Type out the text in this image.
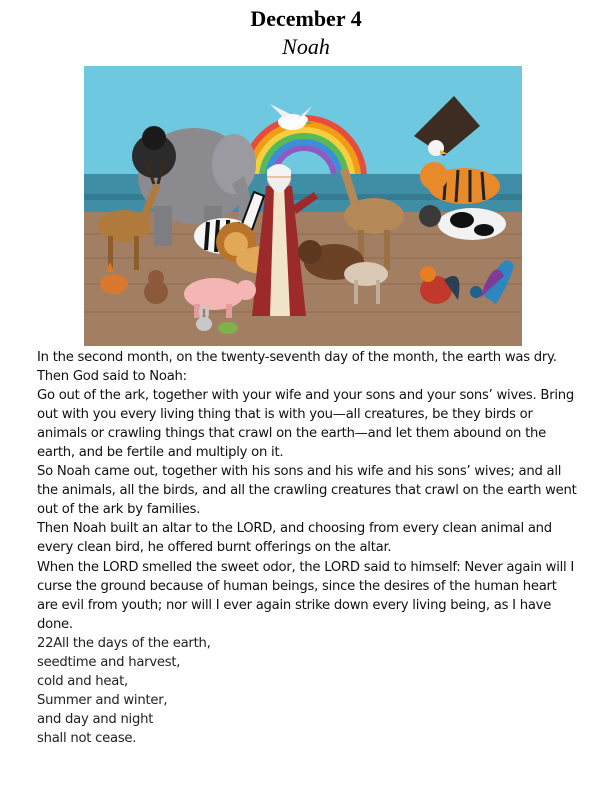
December 4
Noah

In the second month, on the twenty-seventh day of the month, the earth was dry.

Then God said to Noah:

Go out of the ark, together with your wife and your sons and your sons’ wives. Bring out with you every living thing that is with you—all creatures, be they birds or animals or crawling things that crawl on the earth—and let them abound on the earth, and be fertile and multiply on it.

So Noah came out, together with his sons and his wife and his sons’ wives; and all the animals, all the birds, and all the crawling creatures that crawl on the earth went out of the ark by families.

Then Noah built an altar to the LORD, and choosing from every clean animal and every clean bird, he offered burnt offerings on the altar.

When the LORD smelled the sweet odor, the LORD said to himself: Never again will I curse the ground because of human beings, since the desires of the human heart are evil from youth; nor will I ever again strike down every living being, as I have done.

22All the days of the earth,

seedtime and harvest,

cold and heat,

Summer and winter,

and day and night

shall not cease.
